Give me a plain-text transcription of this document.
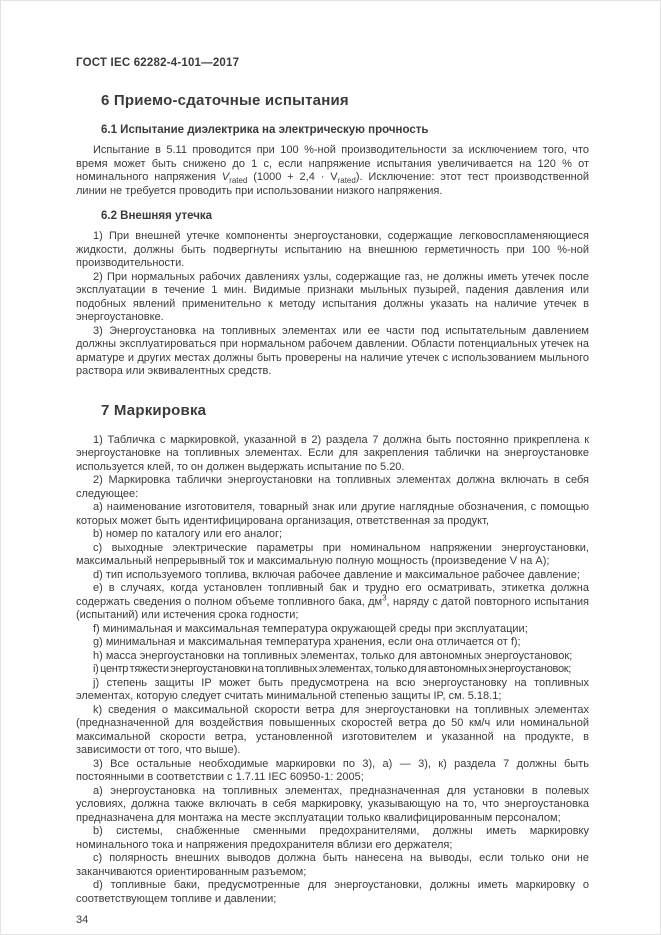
ГОСТ IEC 62282-4-101—2017
6 Приемо-сдаточные испытания
6.1 Испытание диэлектрика на электрическую прочность
Испытание в 5.11 проводится при 100 %-ной производительности за исключением того, что время может быть снижено до 1 с, если напряжение испытания увеличивается на 120 % от номинального напряжения $V_{rated}$ $(1000 + 2,4 \cdot V_{rated})$. Исключение: этот тест производственной линии не требуется проводить при использовании низкого напряжения.
6.2 Внешняя утечка
1) При внешней утечке компоненты энергоустановки, содержащие легковоспламеняющиеся жидкости, должны быть подвергнуты испытанию на внешнюю герметичность при 100 %-ной производительности.
2) При нормальных рабочих давлениях узлы, содержащие газ, не должны иметь утечек после эксплуатации в течение 1 мин. Видимые признаки мыльных пузырей, падения давления или подобных явлений применительно к методу испытания должны указать на наличие утечек в энергоустановке.
3) Энергоустановка на топливных элементах или ее части под испытательным давлением должны эксплуатироваться при нормальном рабочем давлении. Области потенциальных утечек на арматуре и других местах должны быть проверены на наличие утечек с использованием мыльного раствора или эквивалентных средств.
7 Маркировка
1) Табличка с маркировкой, указанной в 2) раздела 7 должна быть постоянно прикреплена к энергоустановке на топливных элементах. Если для закрепления таблички на энергоустановке используется клей, то он должен выдержать испытание по 5.20.
2) Маркировка таблички энергоустановки на топливных элементах должна включать в себя следующее:
a) наименование изготовителя, товарный знак или другие наглядные обозначения, с помощью которых может быть идентифицирована организация, ответственная за продукт,
b) номер по каталогу или его аналог;
c) выходные электрические параметры при номинальном напряжении энергоустановки, максимальный непрерывный ток и максимальную полную мощность (произведение V на A);
d) тип используемого топлива, включая рабочее давление и максимальное рабочее давление;
e) в случаях, когда установлен топливный бак и трудно его осматривать, этикетка должна содержать сведения о полном объеме топливного бака, $дм^3$, наряду с датой повторного испытания (испытаний) или истечения срока годности;
f) минимальная и максимальная температура окружающей среды при эксплуатации;
g) минимальная и максимальная температура хранения, если она отличается от f);
h) масса энергоустановки на топливных элементах, только для автономных энергоустановок;
i) центр тяжести энергоустановки на топливных элементах, только для автономных энергоустановок;
j) степень защиты IP может быть предусмотрена на всю энергоустановку на топливных элементах, которую следует считать минимальной степенью защиты IP, см. 5.18.1;
k) сведения о максимальной скорости ветра для энергоустановки на топливных элементах (предназначенной для воздействия повышенных скоростей ветра до 50 км/ч или номинальной максимальной скорости ветра, установленной изготовителем и указанной на продукте, в зависимости от того, что выше).
3) Все остальные необходимые маркировки по 3), а) — 3), к) раздела 7 должны быть постоянными в соответствии с 1.7.11 IEC 60950-1: 2005;
a) энергоустановка на топливных элементах, предназначенная для установки в полевых условиях, должна также включать в себя маркировку, указывающую на то, что энергоустановка предназначена для монтажа на месте эксплуатации только квалифицированным персоналом;
b) системы, снабженные сменными предохранителями, должны иметь маркировку номинального тока и напряжения предохранителя вблизи его держателя;
c) полярность внешних выводов должна быть нанесена на выводы, если только они не заканчиваются ориентированным разъемом;
d) топливные баки, предусмотренные для энергоустановки, должны иметь маркировку о соответствующем топливе и давлении;
34
